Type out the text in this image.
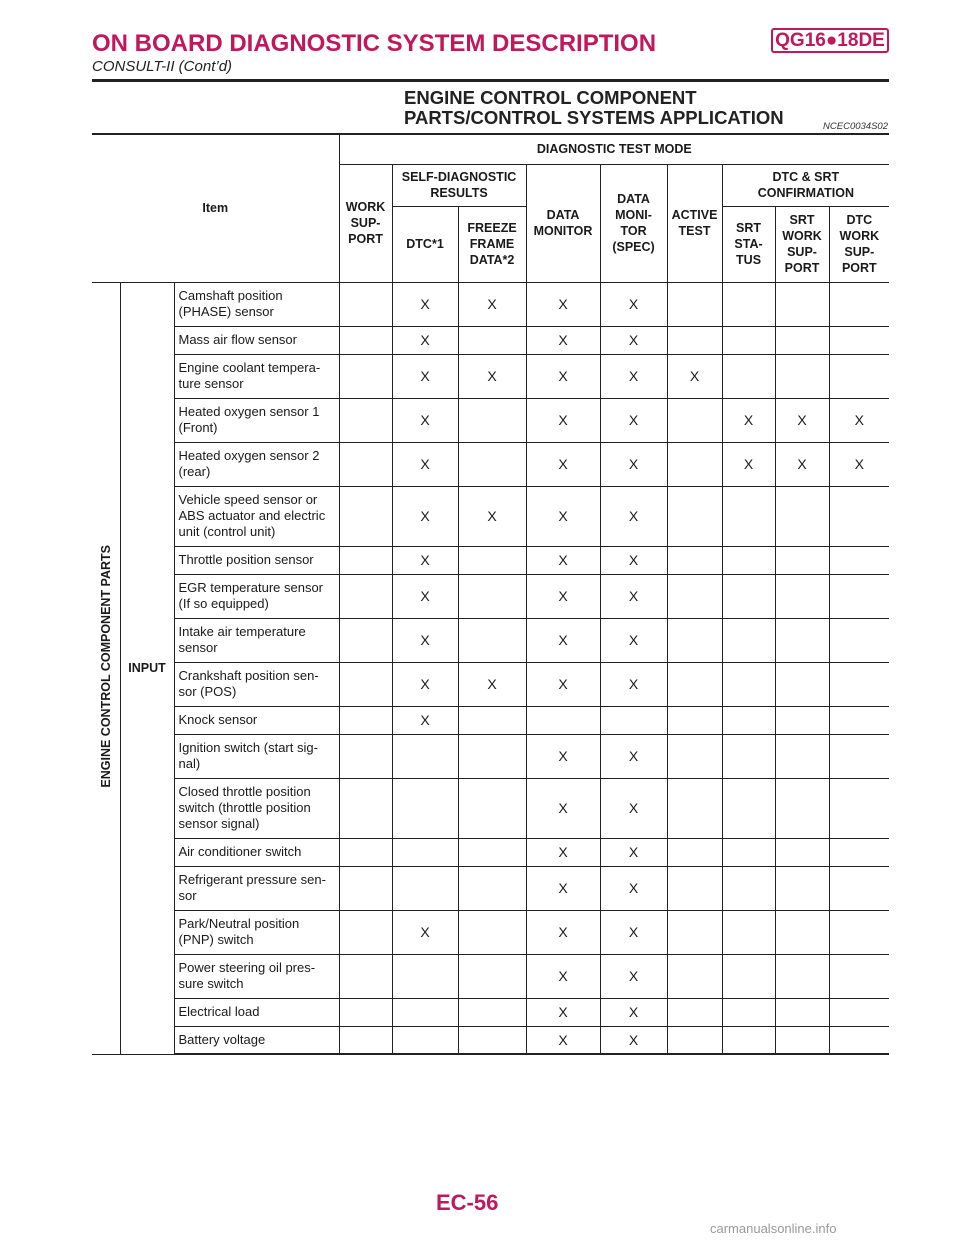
ON BOARD DIAGNOSTIC SYSTEM DESCRIPTION	QG16●18DE
CONSULT-II (Cont’d)
ENGINE CONTROL COMPONENT PARTS/CONTROL SYSTEMS APPLICATION	NCEC0034S02
Item			DIAGNOSTIC TEST MODE								
			WORK SUP-PORT	SELF-DIAGNOSTIC RESULTS		DATA MONITOR	DATA MONI-TOR (SPEC)	ACTIVE TEST	DTC & SRT CONFIRMATION		
				DTC*1	FREEZE FRAME DATA*2				SRT STA-TUS	SRT WORK SUP-PORT	DTC WORK SUP-PORT
ENGINE CONTROL COMPONENT PARTS	INPUT	Camshaft position (PHASE) sensor		X	X	X	X				
		Mass air flow sensor		X		X	X				
		Engine coolant tempera-ture sensor		X	X	X	X	X			
		Heated oxygen sensor 1 (Front)		X		X	X		X	X	X
		Heated oxygen sensor 2 (rear)		X		X	X		X	X	X
		Vehicle speed sensor or ABS actuator and electric unit (control unit)		X	X	X	X				
		Throttle position sensor		X		X	X				
		EGR temperature sensor (If so equipped)		X		X	X				
		Intake air temperature sensor		X		X	X				
		Crankshaft position sen-sor (POS)		X	X	X	X				
		Knock sensor		X							
		Ignition switch (start sig-nal)				X	X				
		Closed throttle position switch (throttle position sensor signal)				X	X				
		Air conditioner switch				X	X				
		Refrigerant pressure sen-sor				X	X				
		Park/Neutral position (PNP) switch		X		X	X				
		Power steering oil pres-sure switch				X	X				
		Electrical load				X	X				
		Battery voltage				X	X				
EC-56
carmanualsonline.info
